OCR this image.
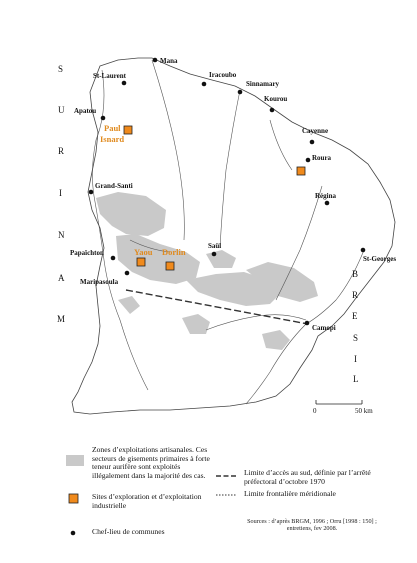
Mana
St-Laurent	Iracoubo
Sinnamary
Kourou
Apatou
Cayenne
Roura
Grand-Santi
Régina
Papaïchton
Saül
St-Georges
Maripasoula
Camopi
Paul
Isnard
Yaou Dorlin
S
U
R
I
N
A
M
B
R
E
S
I
L
0	50 km
Zones d’exploitations artisanales. Ces secteurs de gisements primaires à forte teneur aurifère sont exploités illégalement dans la majorité des cas.
Sites d’exploration et d’exploitation industrielle
Chef-lieu de communes
Limite d’accès au sud, définie par l’arrêté préfectoral d’octobre 1970
Limite frontalière méridionale
Sources : d’après BRGM, 1996 ; Orru [1998 : 150] ;
entretiens, fev 2008.
